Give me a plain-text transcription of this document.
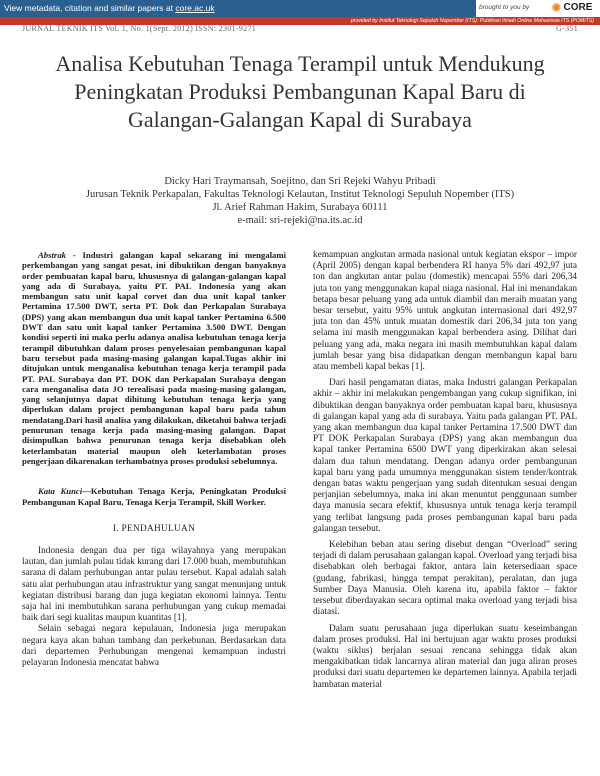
View metadata, citation and similar papers at core.ac.uk	brought to you by ◉ CORE
provided by Institut Teknologi Sepuluh Nopember (ITS): Publikasi Ilmiah Online Mahasiswa ITS (POMITS)
JURNAL TEKNIK ITS Vol. 1, No. 1(Sept. 2012) ISSN: 2301-9271	G-351
Analisa Kebutuhan Tenaga Terampil untuk Mendukung Peningkatan Produksi Pembangunan Kapal Baru di Galangan-Galangan Kapal di Surabaya
Dicky Hari Traymansah, Soejitno, dan Sri Rejeki Wahyu Pribadi
Jurusan Teknik Perkapalan, Fakultas Teknologi Kelautan, Institut Teknologi Sepuluh Nopember (ITS)
Jl. Arief Rahman Hakim, Surabaya 60111
e-mail: sri-rejeki@na.its.ac.id

Abstrak - Industri galangan kapal sekarang ini mengalami perkembangan yang sangat pesat, ini dibuktikan dengan banyaknya order pembuatan kapal baru, khususnya di galangan-galangan kapal yang ada di Surabaya, yaitu PT. PAL Indonesia yang akan membangun satu unit kapal corvet dan dua unit kapal tanker Pertamina 17.500 DWT, serta PT. Dok dan Perkapalan Surabaya (DPS) yang akan membangun dua unit kapal tanker Pertamina 6.500 DWT dan satu unit kapal tanker Pertamina 3.500 DWT. Dengan kondisi seperti ini maka perlu adanya analisa kebutuhan tenaga kerja terampil dibutuhkan dalam proses penyelesaian pembangunan kapal baru tersebut pada masing-masing galangan kapal.Tugas akhir ini ditujukan untuk menganalisa kebutuhan tenaga kerja terampil pada PT. PAL Surabaya dan PT. DOK dan Perkapalan Surabaya dengan cara menganalisa data JO terealisasi pada masing-masing galangan, yang selanjutnya dapat dihitung kebutuhan tenaga kerja yang diperlukan dalam project pembangunan kapal baru pada tahun mendatang.Dari hasil analisa yang dilakukan, diketahui bahwa terjadi penurunan tenaga kerja pada masing-masing galangan. Dapat disimpulkan bahwa penurunan tenaga kerja disebabkan oleh keterlambatan material maupun oleh keterlambatan proses pengerjaan dikarenakan terhambatnya proses produksi sebelumnya.

Kata Kunci—Kebutuhan Tenaga Kerja, Peningkatan Produksi Pembangunan Kapal Baru, Tenaga Kerja Terampil, Skill Worker.

I. PENDAHULUAN

Indonesia dengan dua per tiga wilayahnya yang merupakan lautan, dan jumlah pulau tidak kurang dari 17.000 buah, membutuhkan sarana di dalam perhubungan antar pulau tersebut. Kapal adalah salah satu alat perhubungan atau infrastruktur yang sangat menunjang untuk kegiatan distribusi barang dan juga kegiatan ekonomi lainnya. Tentu saja hal ini membutuhkan sarana perhubungan yang cukup memadai baik dari segi kualitas maupun kuantitas [1].

Selain sebagai negara kepulauan, Indonesia juga merupakan negara kaya akan bahan tambang dan perkebunan. Berdasarkan data dari departemen Perhubungan mengenai kemampuan industri pelayaran Indonesia mencatat bahwa

kemampuan angkutan armada nasional untuk kegiatan ekspor – impor (April 2005) dengan kapal berbendera RI hanya 5% dari 492,97 juta ton dan angkutan antar pulau (domestik) mencapai 55% dari 206,34 juta ton yang menggunakan kapal niaga nasional. Hal ini menandakan betapa besar peluang yang ada untuk diambil dan meraih muatan yang besar tersebut, yaitu 95% untuk angkutan internasional dari 492,97 juta ton dan 45% untuk muatan domestik dari 206,34 juta ton yang selama ini masih menggunakan kapal berbendera asing. Dilihat dari peluang yang ada, maka negara ini masih membutuhkan kapal dalam jumlah besar yang bisa didapatkan dengan membangun kapal baru atau membeli kapal bekas [1].

Dari hasil pengamatan diatas, maka Industri galangan Perkapalan akhir – akhir ini melakukan pengembangan yang cukup signifikan, ini dibuktikan dengan banyaknya order pembuatan kapal baru, khususnya di galangan kapal yang ada di surabaya. Yaitu pada galangan PT. PAL yang akan membangun dua kapal tanker Pertamina 17.500 DWT dan PT DOK Perkapalan Surabaya (DPS) yang akan membangun dua kapal tanker Pertamina 6500 DWT yang diperkirakan akan selesai dalam dua tahun mendatang. Dengan adanya order pembangunan kapal baru yang pada umumnya menggunakan sistem tender/kontrak dengan batas waktu pengerjaan yang sudah ditentukan sesuai dengan perjanjian sebelumnya, maka ini akan menuntut penggunaan sumber daya manusia secara efektif, khususnya untuk tenaga kerja terampil yang terlibat langsung pada proses pembangunan kapal baru pada galangan tersebut.

Kelebihan beban atau sering disebut dengan “Overload” sering terjadi di dalam perusahaan galangan kapal. Overload yang terjadi bisa disebabkan oleh berbagai faktor, antara lain ketersediaan space (gudang, fabrikasi, hingga tempat perakitan), peralatan, dan juga Sumber Daya Manusia. Oleh karena itu, apabila faktor – faktor tersebut diberdayakan secara optimal maka overload yang terjadi bisa diatasi.

Dalam suatu perusahaan juga diperlukan suatu keseimbangan dalam proses produksi. Hal ini bertujuan agar waktu proses produksi (waktu siklus) berjalan sesuai rencana sehingga tidak akan mengakibatkan tidak lancarnya aliran material dan juga aliran proses produksi dari suatu departemen ke departemen lainnya. Apabila terjadi hambatan material
